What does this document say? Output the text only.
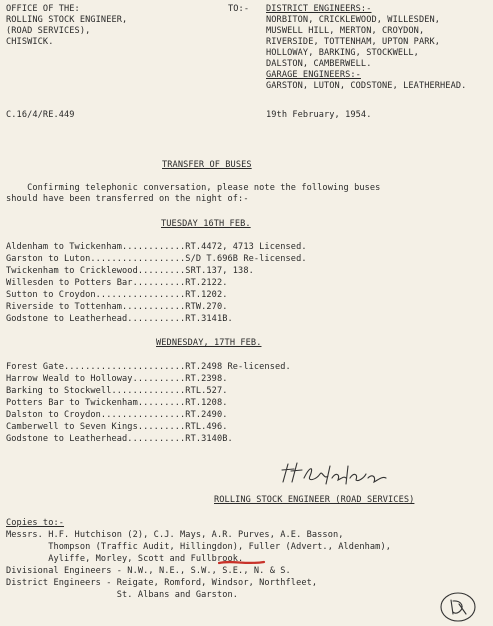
OFFICE OF THE:
ROLLING STOCK ENGINEER,
(ROAD SERVICES),
CHISWICK.
TO:- DISTRICT ENGINEERS:-
NORBITON, CRICKLEWOOD, WILLESDEN,
MUSWELL HILL, MERTON, CROYDON,
RIVERSIDE, TOTTENHAM, UPTON PARK,
HOLLOWAY, BARKING, STOCKWELL,
DALSTON, CAMBERWELL.
GARAGE ENGINEERS:-
GARSTON, LUTON, CODSTONE, LEATHERHEAD.
C.16/4/RE.449	19th February, 1954.
TRANSFER OF BUSES
Confirming telephonic conversation, please note the following buses
should have been transferred on the night of:-
TUESDAY 16TH FEB.
Aldenham to Twickenham............RT.4472, 4713 Licensed.
Garston to Luton..................S/D T.696B Re-licensed.
Twickenham to Cricklewood.........SRT.137, 138.
Willesden to Potters Bar..........RT.2122.
Sutton to Croydon.................RT.1202.
Riverside to Tottenham............RTW.270.
Godstone to Leatherhead...........RT.3141B.
WEDNESDAY, 17TH FEB.
Forest Gate.......................RT.2498 Re-licensed.
Harrow Weald to Holloway..........RT.2398.
Barking to Stockwell..............RTL.527.
Potters Bar to Twickenham.........RT.1208.
Dalston to Croydon................RT.2490.
Camberwell to Seven Kings.........RTL.496.
Godstone to Leatherhead...........RT.3140B.
ROLLING STOCK ENGINEER (ROAD SERVICES)
Copies to:-
Messrs. H.F. Hutchison (2), C.J. Mays, A.R. Purves, A.E. Basson,
Thompson (Traffic Audit, Hillingdon), Fuller (Advert., Aldenham),
Ayliffe, Morley, Scott and Fullbrook.
Divisional Engineers - N.W., N.E., S.W., S.E., N. & S.
District Engineers - Reigate, Romford, Windsor, Northfleet,
St. Albans and Garston.
